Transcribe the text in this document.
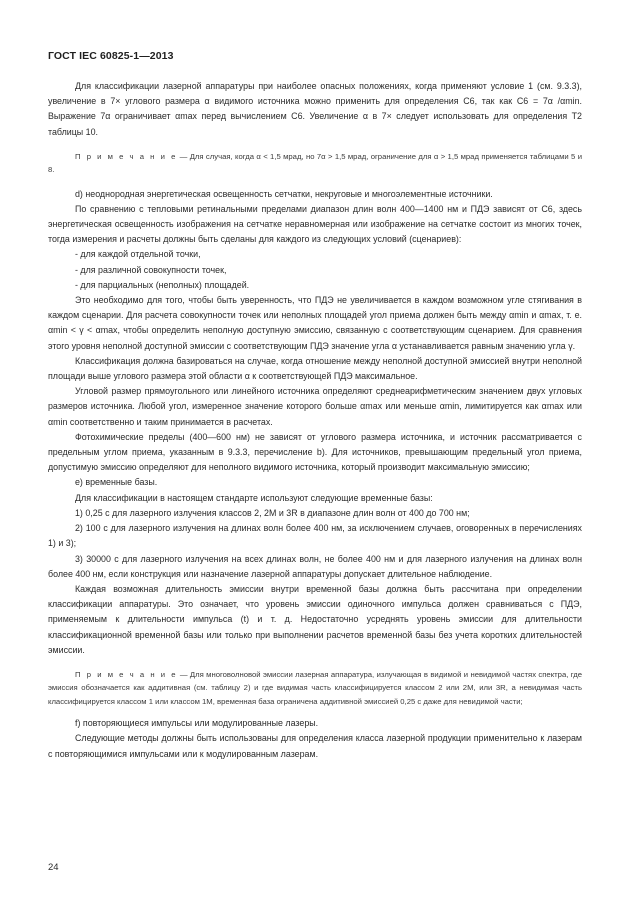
ГОСТ IEC 60825-1—2013

Для классификации лазерной аппаратуры при наиболее опасных положениях, когда применяют условие 1 (см. 9.3.3), увеличение в 7× углового размера α видимого источника можно применить для определения C6, так как C6 = 7α /αmin. Выражение 7α ограничивает αmax перед вычислением C6. Увеличение α в 7× следует использовать для определения T2 таблицы 10.

П р и м е ч а н и е — Для случая, когда α < 1,5 мрад, но 7α > 1,5 мрад, ограничение для α > 1,5 мрад применяется таблицами 5 и 8.

d) неоднородная энергетическая освещенность сетчатки, некруговые и многоэлементные источники.

По сравнению с тепловыми ретинальными пределами диапазон длин волн 400—1400 нм и ПДЭ зависят от C6, здесь энергетическая освещенность изображения на сетчатке неравномерная или изображение на сетчатке состоит из многих точек, тогда измерения и расчеты должны быть сделаны для каждого из следующих условий (сценариев):

- для каждой отдельной точки,

- для различной совокупности точек,

- для парциальных (неполных) площадей.

Это необходимо для того, чтобы быть уверенность, что ПДЭ не увеличивается в каждом возможном угле стягивания в каждом сценарии. Для расчета совокупности точек или неполных площадей угол приема должен быть между αmin и αmax, т. е. αmin < γ < αmax, чтобы определить неполную доступную эмиссию, связанную с соответствующим сценарием. Для сравнения этого уровня неполной доступной эмиссии с соответствующим ПДЭ значение угла α устанавливается равным значению угла γ.

Классификация должна базироваться на случае, когда отношение между неполной доступной эмиссией внутри неполной площади выше углового размера этой области α к соответствующей ПДЭ максимальное.

Угловой размер прямоугольного или линейного источника определяют среднеарифметическим значением двух угловых размеров источника. Любой угол, измеренное значение которого больше αmax или меньше αmin, лимитируется как αmax или αmin соответственно и таким принимается в расчетах.

Фотохимические пределы (400—600 нм) не зависят от углового размера источника, и источник рассматривается с предельным углом приема, указанным в 9.3.3, перечисление b). Для источников, превышающим предельный угол приема, допустимую эмиссию определяют для неполного видимого источника, который производит максимальную эмиссию;

e) временные базы.

Для классификации в настоящем стандарте используют следующие временные базы:

1) 0,25 с для лазерного излучения классов 2, 2М и 3R в диапазоне длин волн от 400 до 700 нм;

2) 100 с для лазерного излучения на длинах волн более 400 нм, за исключением случаев, оговоренных в перечислениях 1) и 3);

3) 30000 с для лазерного излучения на всех длинах волн, не более 400 нм и для лазерного излучения на длинах волн более 400 нм, если конструкция или назначение лазерной аппаратуры допускает длительное наблюдение.

Каждая возможная длительность эмиссии внутри временной базы должна быть рассчитана при определении классификации аппаратуры. Это означает, что уровень эмиссии одиночного импульса должен сравниваться с ПДЭ, применяемым к длительности импульса (t) и т. д. Недостаточно усреднять уровень эмиссии для длительности классификационной временной базы или только при выполнении расчетов временной базы без учета коротких длительностей эмиссии.

П р и м е ч а н и е — Для многоволновой эмиссии лазерная аппаратура, излучающая в видимой и невидимой частях спектра, где эмиссия обозначается как аддитивная (см. таблицу 2) и где видимая часть классифицируется классом 2 или 2М, или 3R, а невидимая часть классифицируется классом 1 или классом 1М, временная база ограничена аддитивной эмиссией 0,25 с даже для невидимой части;

f) повторяющиеся импульсы или модулированные лазеры.

Следующие методы должны быть использованы для определения класса лазерной продукции применительно к лазерам с повторяющимися импульсами или к модулированным лазерам.

24
